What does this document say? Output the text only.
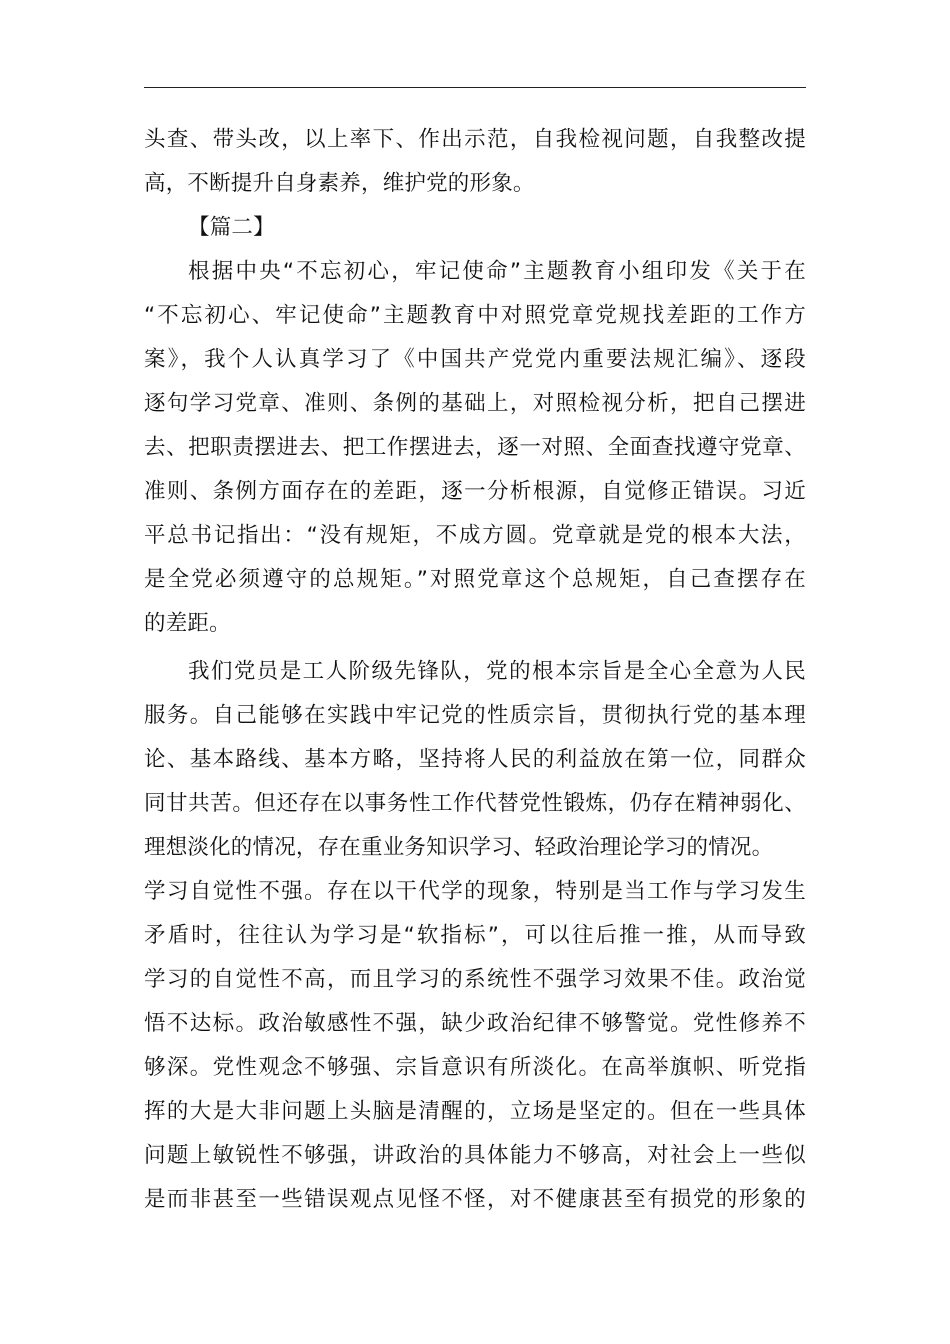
头查、带头改，以上率下、作出示范，自我检视问题，自我整改提
高，不断提升自身素养，维护党的形象。
【篇二】
根据中央“不忘初心，牢记使命”主题教育小组印发《关于在
“不忘初心、牢记使命”主题教育中对照党章党规找差距的工作方
案》，我个人认真学习了《中国共产党党内重要法规汇编》、逐段
逐句学习党章、准则、条例的基础上，对照检视分析，把自己摆进
去、把职责摆进去、把工作摆进去，逐一对照、全面查找遵守党章、
准则、条例方面存在的差距，逐一分析根源，自觉修正错误。习近
平总书记指出：“没有规矩，不成方圆。党章就是党的根本大法，
是全党必须遵守的总规矩。”对照党章这个总规矩，自己查摆存在
的差距。
我们党员是工人阶级先锋队，党的根本宗旨是全心全意为人民
服务。自己能够在实践中牢记党的性质宗旨，贯彻执行党的基本理
论、基本路线、基本方略，坚持将人民的利益放在第一位，同群众
同甘共苦。但还存在以事务性工作代替党性锻炼，仍存在精神弱化、
理想淡化的情况，存在重业务知识学习、轻政治理论学习的情况。
学习自觉性不强。存在以干代学的现象，特别是当工作与学习发生
矛盾时，往往认为学习是“软指标”，可以往后推一推，从而导致
学习的自觉性不高，而且学习的系统性不强学习效果不佳。政治觉
悟不达标。政治敏感性不强，缺少政治纪律不够警觉。党性修养不
够深。党性观念不够强、宗旨意识有所淡化。在高举旗帜、听党指
挥的大是大非问题上头脑是清醒的，立场是坚定的。但在一些具体
问题上敏锐性不够强，讲政治的具体能力不够高，对社会上一些似
是而非甚至一些错误观点见怪不怪，对不健康甚至有损党的形象的
